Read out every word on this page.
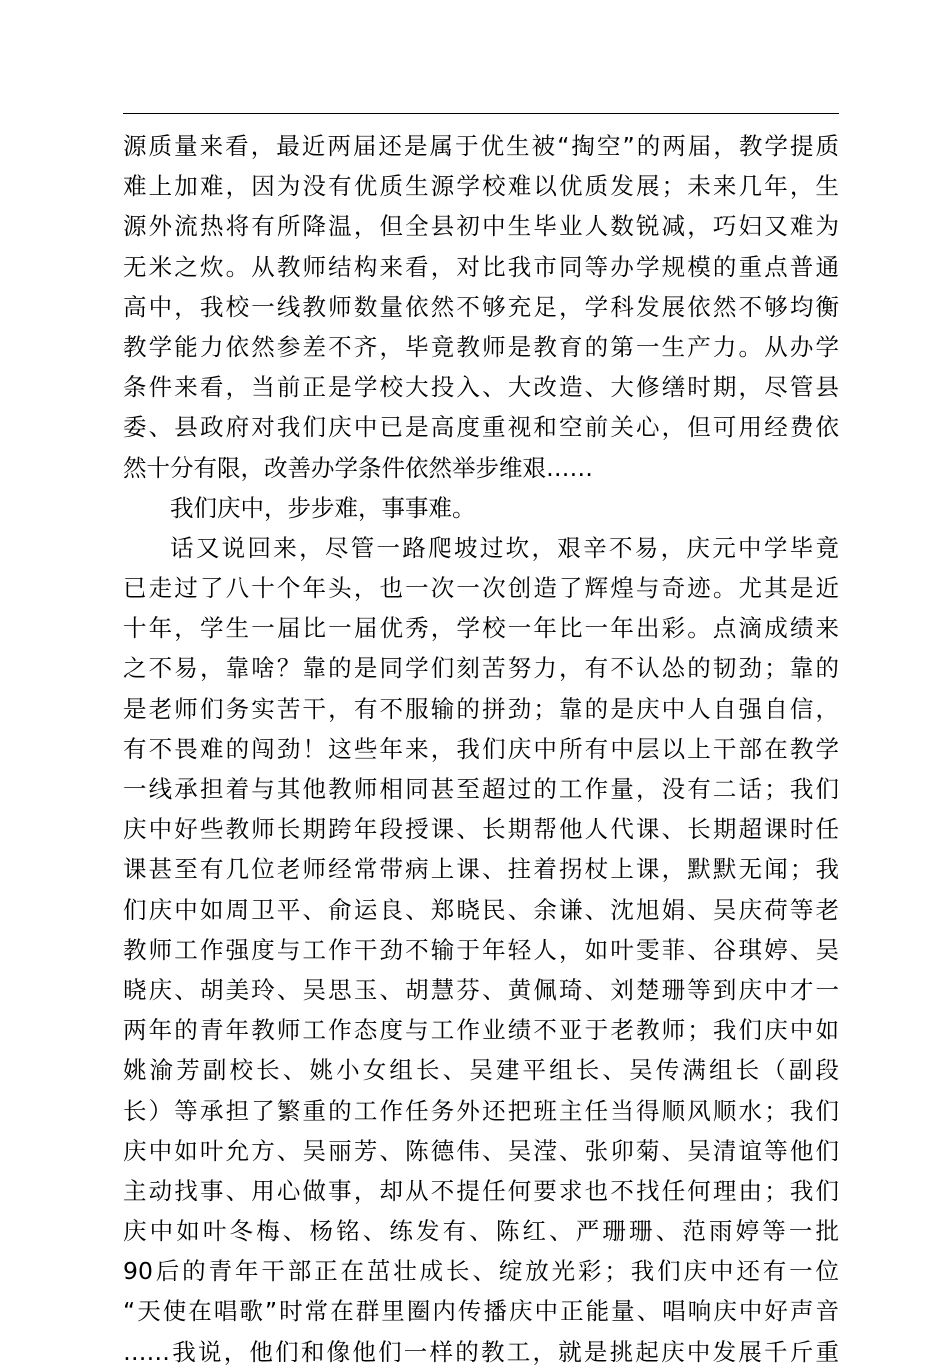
源质量来看，最近两届还是属于优生被“掏空”的两届，教学提质
难上加难，因为没有优质生源学校难以优质发展；未来几年，生
源外流热将有所降温，但全县初中生毕业人数锐减，巧妇又难为
无米之炊。从教师结构来看，对比我市同等办学规模的重点普通
高中，我校一线教师数量依然不够充足，学科发展依然不够均衡
教学能力依然参差不齐，毕竟教师是教育的第一生产力。从办学
条件来看，当前正是学校大投入、大改造、大修缮时期，尽管县
委、县政府对我们庆中已是高度重视和空前关心，但可用经费依
然十分有限，改善办学条件依然举步维艰……
我们庆中，步步难，事事难。
话又说回来，尽管一路爬坡过坎，艰辛不易，庆元中学毕竟
已走过了八十个年头，也一次一次创造了辉煌与奇迹。尤其是近
十年，学生一届比一届优秀，学校一年比一年出彩。点滴成绩来
之不易，靠啥？靠的是同学们刻苦努力，有不认怂的韧劲；靠的
是老师们务实苦干，有不服输的拼劲；靠的是庆中人自强自信，
有不畏难的闯劲！这些年来，我们庆中所有中层以上干部在教学
一线承担着与其他教师相同甚至超过的工作量，没有二话；我们
庆中好些教师长期跨年段授课、长期帮他人代课、长期超课时任
课甚至有几位老师经常带病上课、拄着拐杖上课，默默无闻；我
们庆中如周卫平、俞运良、郑晓民、余谦、沈旭娟、吴庆荷等老
教师工作强度与工作干劲不输于年轻人，如叶雯菲、谷琪婷、吴
晓庆、胡美玲、吴思玉、胡慧芬、黄佩琦、刘楚珊等到庆中才一
两年的青年教师工作态度与工作业绩不亚于老教师；我们庆中如
姚渝芳副校长、姚小女组长、吴建平组长、吴传满组长（副段
长）等承担了繁重的工作任务外还把班主任当得顺风顺水；我们
庆中如叶允方、吴丽芳、陈德伟、吴滢、张卯菊、吴清谊等他们
主动找事、用心做事，却从不提任何要求也不找任何理由；我们
庆中如叶冬梅、杨铭、练发有、陈红、严珊珊、范雨婷等一批
90后的青年干部正在茁壮成长、绽放光彩；我们庆中还有一位
“天使在唱歌”时常在群里圈内传播庆中正能量、唱响庆中好声音
……我说，他们和像他们一样的教工，就是挑起庆中发展千斤重
